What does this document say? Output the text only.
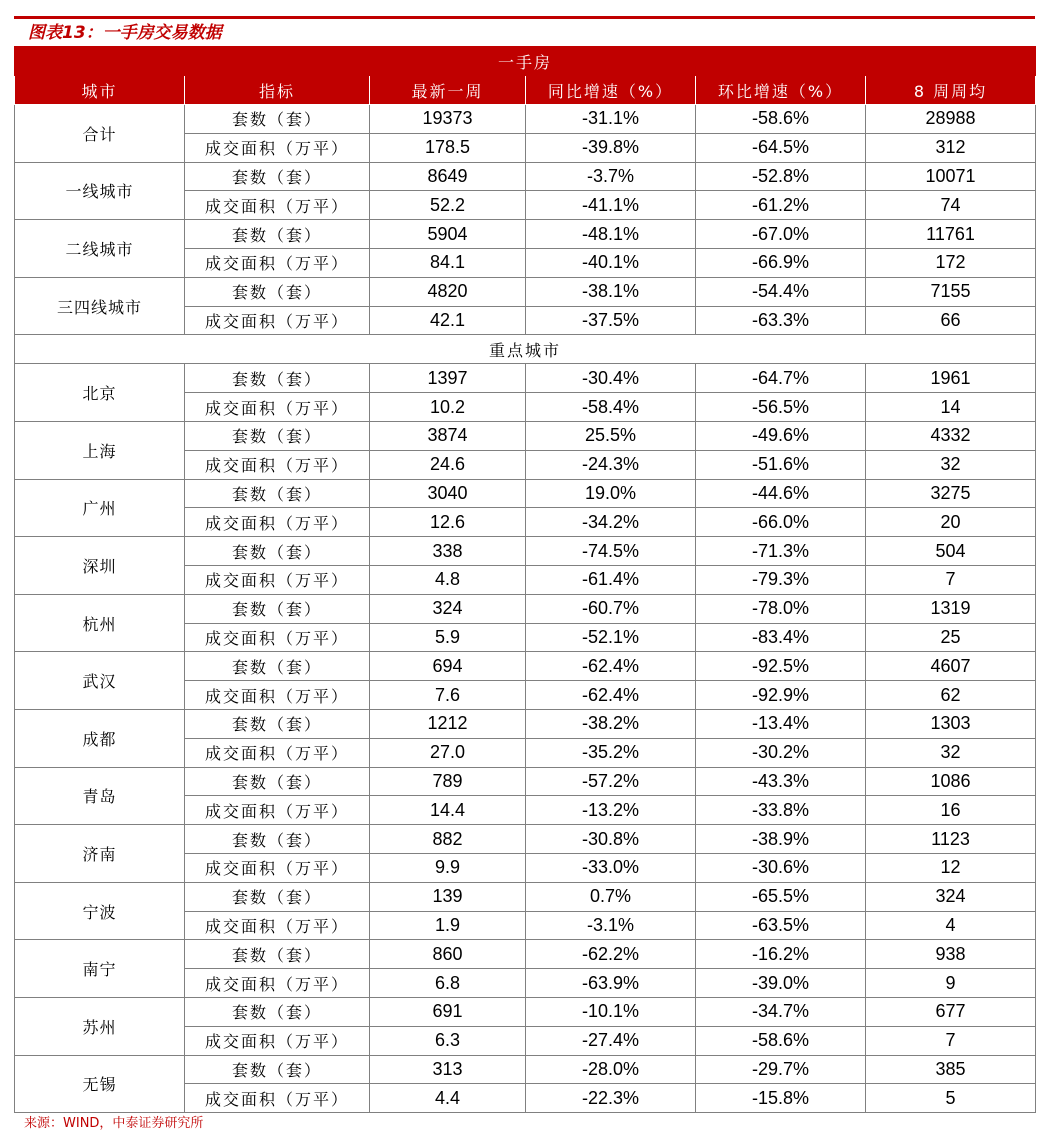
图表13：一手房交易数据
一手房					
城市	指标	最新一周	同比增速（%）	环比增速（%）	8 周周均
合计	套数（套）	19373	-31.1%	-58.6%	28988
	成交面积（万平）	178.5	-39.8%	-64.5%	312
一线城市	套数（套）	8649	-3.7%	-52.8%	10071
	成交面积（万平）	52.2	-41.1%	-61.2%	74
二线城市	套数（套）	5904	-48.1%	-67.0%	11761
	成交面积（万平）	84.1	-40.1%	-66.9%	172
三四线城市	套数（套）	4820	-38.1%	-54.4%	7155
	成交面积（万平）	42.1	-37.5%	-63.3%	66
重点城市					
北京	套数（套）	1397	-30.4%	-64.7%	1961
	成交面积（万平）	10.2	-58.4%	-56.5%	14
上海	套数（套）	3874	25.5%	-49.6%	4332
	成交面积（万平）	24.6	-24.3%	-51.6%	32
广州	套数（套）	3040	19.0%	-44.6%	3275
	成交面积（万平）	12.6	-34.2%	-66.0%	20
深圳	套数（套）	338	-74.5%	-71.3%	504
	成交面积（万平）	4.8	-61.4%	-79.3%	7
杭州	套数（套）	324	-60.7%	-78.0%	1319
	成交面积（万平）	5.9	-52.1%	-83.4%	25
武汉	套数（套）	694	-62.4%	-92.5%	4607
	成交面积（万平）	7.6	-62.4%	-92.9%	62
成都	套数（套）	1212	-38.2%	-13.4%	1303
	成交面积（万平）	27.0	-35.2%	-30.2%	32
青岛	套数（套）	789	-57.2%	-43.3%	1086
	成交面积（万平）	14.4	-13.2%	-33.8%	16
济南	套数（套）	882	-30.8%	-38.9%	1123
	成交面积（万平）	9.9	-33.0%	-30.6%	12
宁波	套数（套）	139	0.7%	-65.5%	324
	成交面积（万平）	1.9	-3.1%	-63.5%	4
南宁	套数（套）	860	-62.2%	-16.2%	938
	成交面积（万平）	6.8	-63.9%	-39.0%	9
苏州	套数（套）	691	-10.1%	-34.7%	677
	成交面积（万平）	6.3	-27.4%	-58.6%	7
无锡	套数（套）	313	-28.0%	-29.7%	385
	成交面积（万平）	4.4	-22.3%	-15.8%	5
来源：WIND，中泰证券研究所
